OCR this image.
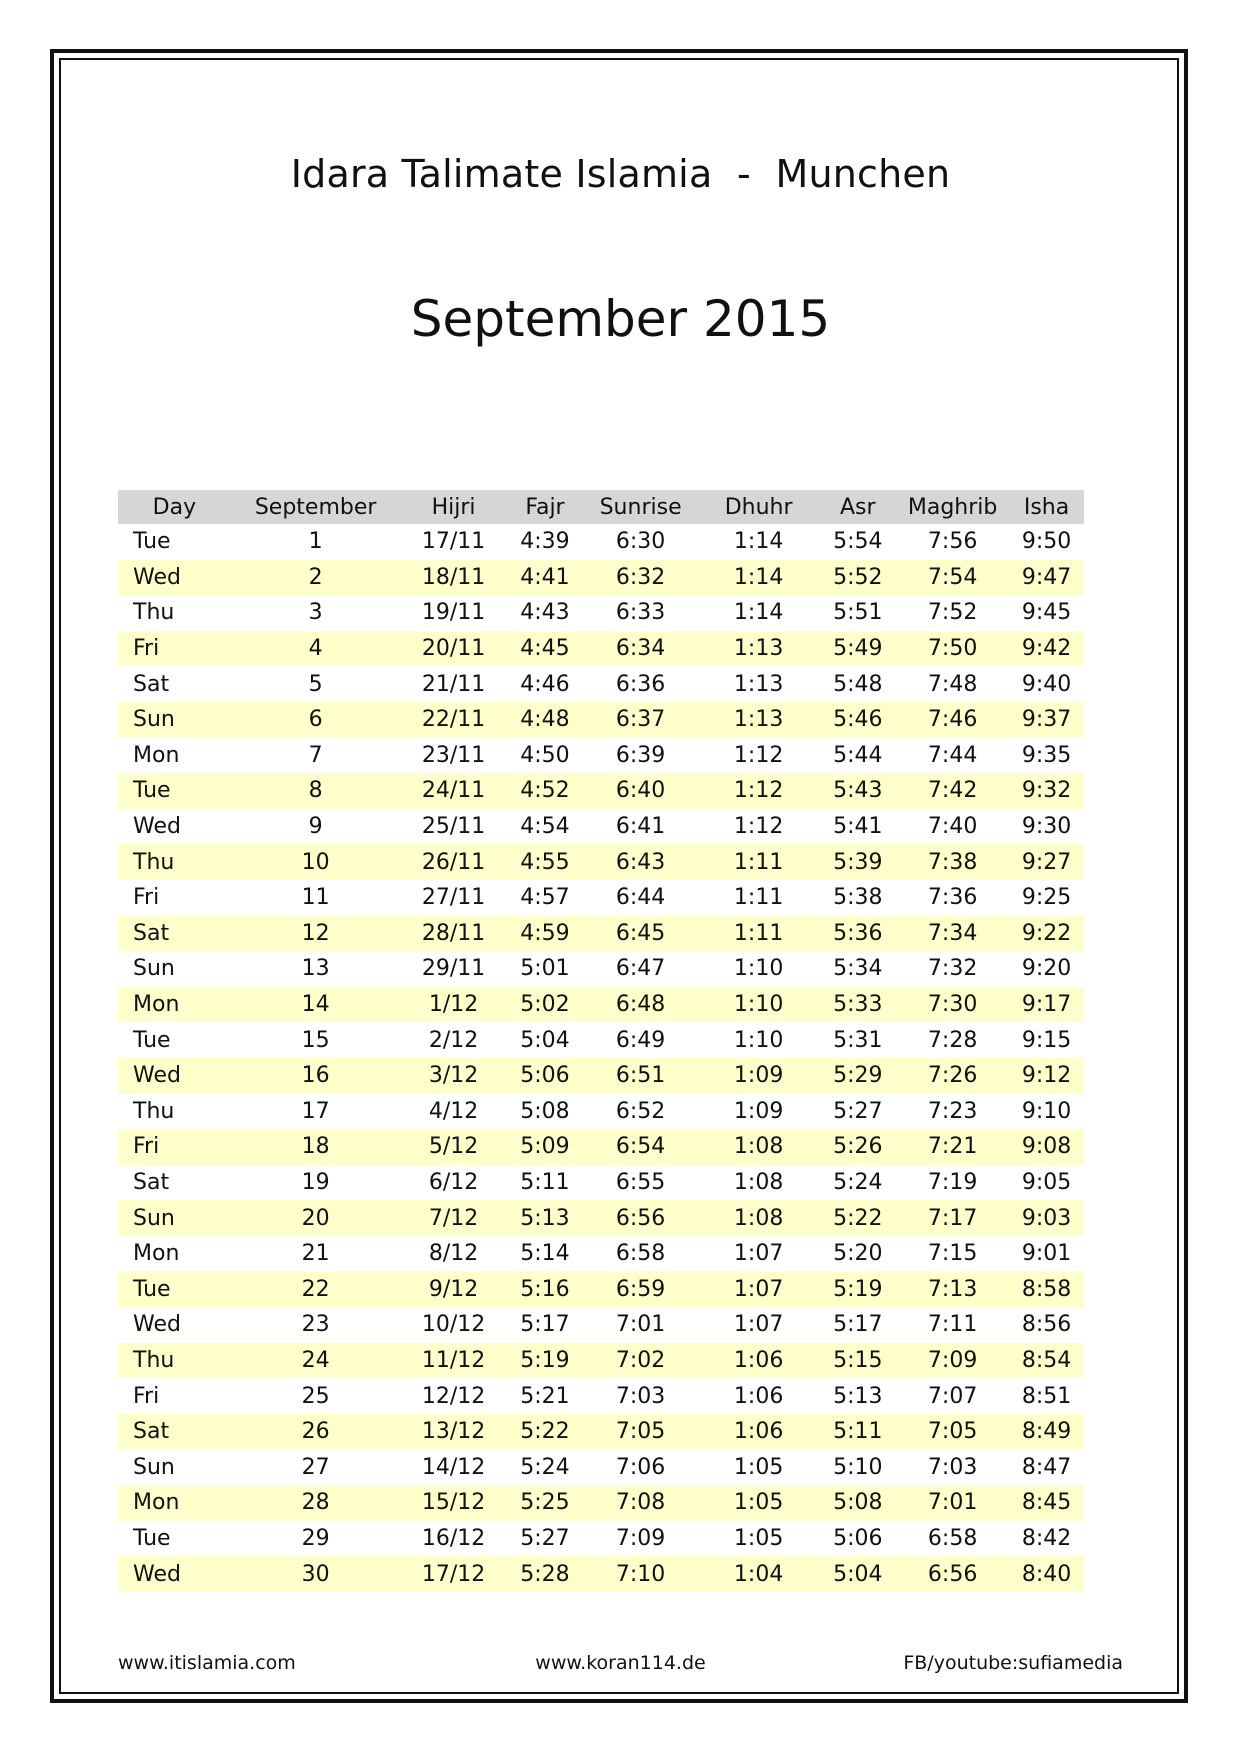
Idara Talimate Islamia  -  Munchen
September 2015
Day	September	Hijri	Fajr	Sunrise	Dhuhr	Asr	Maghrib	Isha
Tue	1	17/11	4:39	6:30	1:14	5:54	7:56	9:50
Wed	2	18/11	4:41	6:32	1:14	5:52	7:54	9:47
Thu	3	19/11	4:43	6:33	1:14	5:51	7:52	9:45
Fri	4	20/11	4:45	6:34	1:13	5:49	7:50	9:42
Sat	5	21/11	4:46	6:36	1:13	5:48	7:48	9:40
Sun	6	22/11	4:48	6:37	1:13	5:46	7:46	9:37
Mon	7	23/11	4:50	6:39	1:12	5:44	7:44	9:35
Tue	8	24/11	4:52	6:40	1:12	5:43	7:42	9:32
Wed	9	25/11	4:54	6:41	1:12	5:41	7:40	9:30
Thu	10	26/11	4:55	6:43	1:11	5:39	7:38	9:27
Fri	11	27/11	4:57	6:44	1:11	5:38	7:36	9:25
Sat	12	28/11	4:59	6:45	1:11	5:36	7:34	9:22
Sun	13	29/11	5:01	6:47	1:10	5:34	7:32	9:20
Mon	14	1/12	5:02	6:48	1:10	5:33	7:30	9:17
Tue	15	2/12	5:04	6:49	1:10	5:31	7:28	9:15
Wed	16	3/12	5:06	6:51	1:09	5:29	7:26	9:12
Thu	17	4/12	5:08	6:52	1:09	5:27	7:23	9:10
Fri	18	5/12	5:09	6:54	1:08	5:26	7:21	9:08
Sat	19	6/12	5:11	6:55	1:08	5:24	7:19	9:05
Sun	20	7/12	5:13	6:56	1:08	5:22	7:17	9:03
Mon	21	8/12	5:14	6:58	1:07	5:20	7:15	9:01
Tue	22	9/12	5:16	6:59	1:07	5:19	7:13	8:58
Wed	23	10/12	5:17	7:01	1:07	5:17	7:11	8:56
Thu	24	11/12	5:19	7:02	1:06	5:15	7:09	8:54
Fri	25	12/12	5:21	7:03	1:06	5:13	7:07	8:51
Sat	26	13/12	5:22	7:05	1:06	5:11	7:05	8:49
Sun	27	14/12	5:24	7:06	1:05	5:10	7:03	8:47
Mon	28	15/12	5:25	7:08	1:05	5:08	7:01	8:45
Tue	29	16/12	5:27	7:09	1:05	5:06	6:58	8:42
Wed	30	17/12	5:28	7:10	1:04	5:04	6:56	8:40
www.itislamia.com	www.koran114.de	FB/youtube:sufiamedia
